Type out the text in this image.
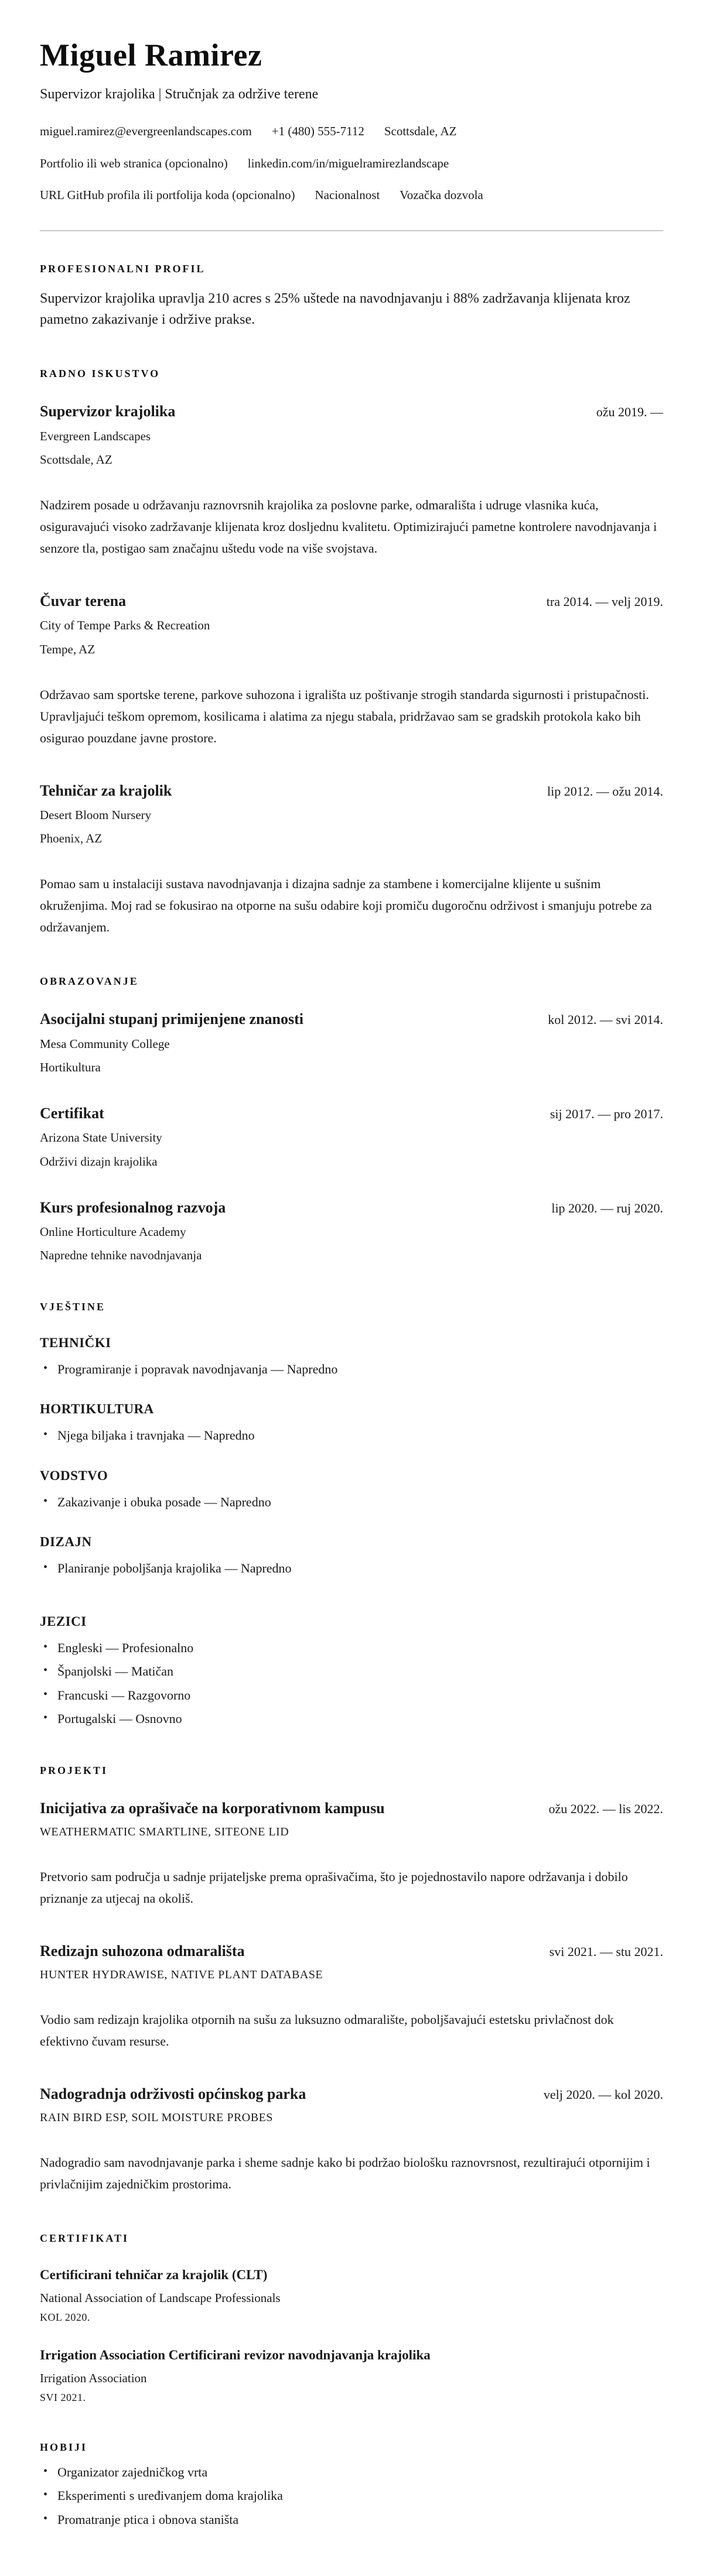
Miguel Ramirez
Supervizor krajolika | Stručnjak za održive terene
miguel.ramirez@evergreenlandscapes.com +1 (480) 555-7112 Scottsdale, AZ
Portfolio ili web stranica (opcionalno) linkedin.com/in/miguelramirezlandscape
URL GitHub profila ili portfolija koda (opcionalno) Nacionalnost Vozačka dozvola
PROFESIONALNI PROFIL

Supervizor krajolika upravlja 210 acres s 25% uštede na navodnjavanju i 88% zadržavanja klijenata kroz pametno zakazivanje i održive prakse.

RADNO ISKUSTVO
Supervizor krajolika	ožu 2019. —
Evergreen Landscapes
Scottsdale, AZ

Nadzirem posade u održavanju raznovrsnih krajolika za poslovne parke, odmarališta i udruge vlasnika kuća, osiguravajući visoko zadržavanje klijenata kroz dosljednu kvalitetu. Optimizirajući pametne kontrolere navodnjavanja i senzore tla, postigao sam značajnu uštedu vode na više svojstava.

Čuvar terena	tra 2014. — velj 2019.
City of Tempe Parks & Recreation
Tempe, AZ

Održavao sam sportske terene, parkove suhozona i igrališta uz poštivanje strogih standarda sigurnosti i pristupačnosti. Upravljajući teškom opremom, kosilicama i alatima za njegu stabala, pridržavao sam se gradskih protokola kako bih osigurao pouzdane javne prostore.

Tehničar za krajolik	lip 2012. — ožu 2014.
Desert Bloom Nursery
Phoenix, AZ

Pomao sam u instalaciji sustava navodnjavanja i dizajna sadnje za stambene i komercijalne klijente u sušnim okruženjima. Moj rad se fokusirao na otporne na sušu odabire koji promiču dugoročnu održivost i smanjuju potrebe za održavanjem.

OBRAZOVANJE
Asocijalni stupanj primijenjene znanosti	kol 2012. — svi 2014.
Mesa Community College
Hortikultura
Certifikat	sij 2017. — pro 2017.
Arizona State University
Održivi dizajn krajolika
Kurs profesionalnog razvoja	lip 2020. — ruj 2020.
Online Horticulture Academy
Napredne tehnike navodnjavanja
VJEŠTINE
TEHNIČKI
• Programiranje i popravak navodnjavanja — Napredno
HORTIKULTURA
• Njega biljaka i travnjaka — Napredno
VODSTVO
• Zakazivanje i obuka posade — Napredno
DIZAJN
• Planiranje poboljšanja krajolika — Napredno
JEZICI
• Engleski — Profesionalno
• Španjolski — Matičan
• Francuski — Razgovorno
• Portugalski — Osnovno
PROJEKTI
Inicijativa za oprašivače na korporativnom kampusu	ožu 2022. — lis 2022.
WEATHERMATIC SMARTLINE, SITEONE LID

Pretvorio sam područja u sadnje prijateljske prema oprašivačima, što je pojednostavilo napore održavanja i dobilo priznanje za utjecaj na okoliš.

Redizajn suhozona odmarališta	svi 2021. — stu 2021.
HUNTER HYDRAWISE, NATIVE PLANT DATABASE

Vodio sam redizajn krajolika otpornih na sušu za luksuzno odmaralište, poboljšavajući estetsku privlačnost dok efektivno čuvam resurse.

Nadogradnja održivosti općinskog parka	velj 2020. — kol 2020.
RAIN BIRD ESP, SOIL MOISTURE PROBES

Nadogradio sam navodnjavanje parka i sheme sadnje kako bi podržao biološku raznovrsnost, rezultirajući otpornijim i privlačnijim zajedničkim prostorima.

CERTIFIKATI
Certificirani tehničar za krajolik (CLT)
National Association of Landscape Professionals
KOL 2020.
Irrigation Association Certificirani revizor navodnjavanja krajolika
Irrigation Association
SVI 2021.
HOBIJI
• Organizator zajedničkog vrta
• Eksperimenti s uređivanjem doma krajolika
• Promatranje ptica i obnova staništa
